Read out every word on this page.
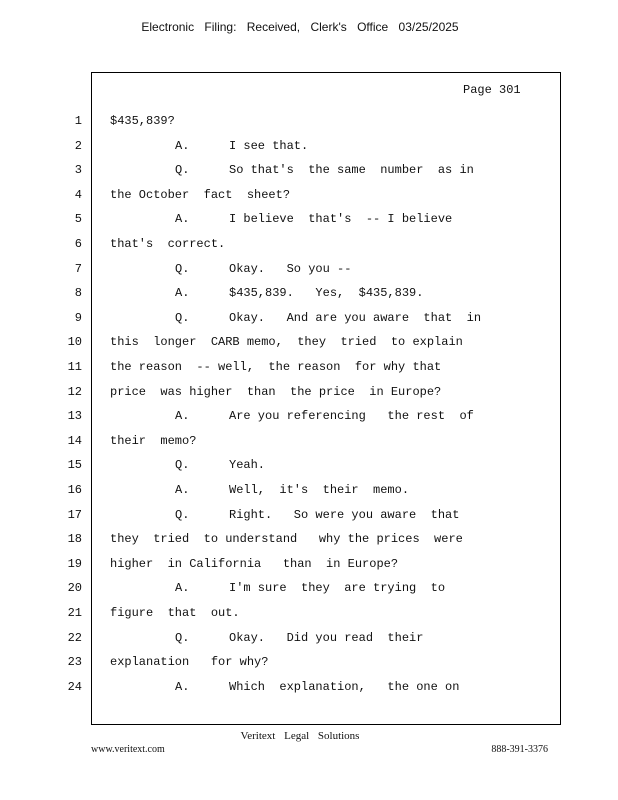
Electronic Filing: Received, Clerk's Office 03/25/2025
Page 301
1 $435,839?
2	A.	I see that.
3	Q.	So that's  the same  number  as in
4 the October  fact  sheet?
5	A.	I believe  that's  -- I believe
6 that's  correct.
7	Q.	Okay.   So you --
8	A.	$435,839.   Yes,  $435,839.
9	Q.	Okay.   And are you aware  that  in
10 this  longer  CARB memo,  they  tried  to explain
11 the reason  -- well,  the reason  for why that
12 price  was higher  than  the price  in Europe?
13	A.	Are you referencing   the rest  of
14 their  memo?
15	Q.	Yeah.
16	A.	Well,  it's  their  memo.
17	Q.	Right.   So were you aware  that
18 they  tried  to understand   why the prices  were
19 higher  in California   than  in Europe?
20	A.	I'm sure  they  are trying  to
21 figure  that  out.
22	Q.	Okay.   Did you read  their
23 explanation   for why?
24	A.	Which  explanation,   the one on
Veritext Legal Solutions
www.veritext.com	888-391-3376
